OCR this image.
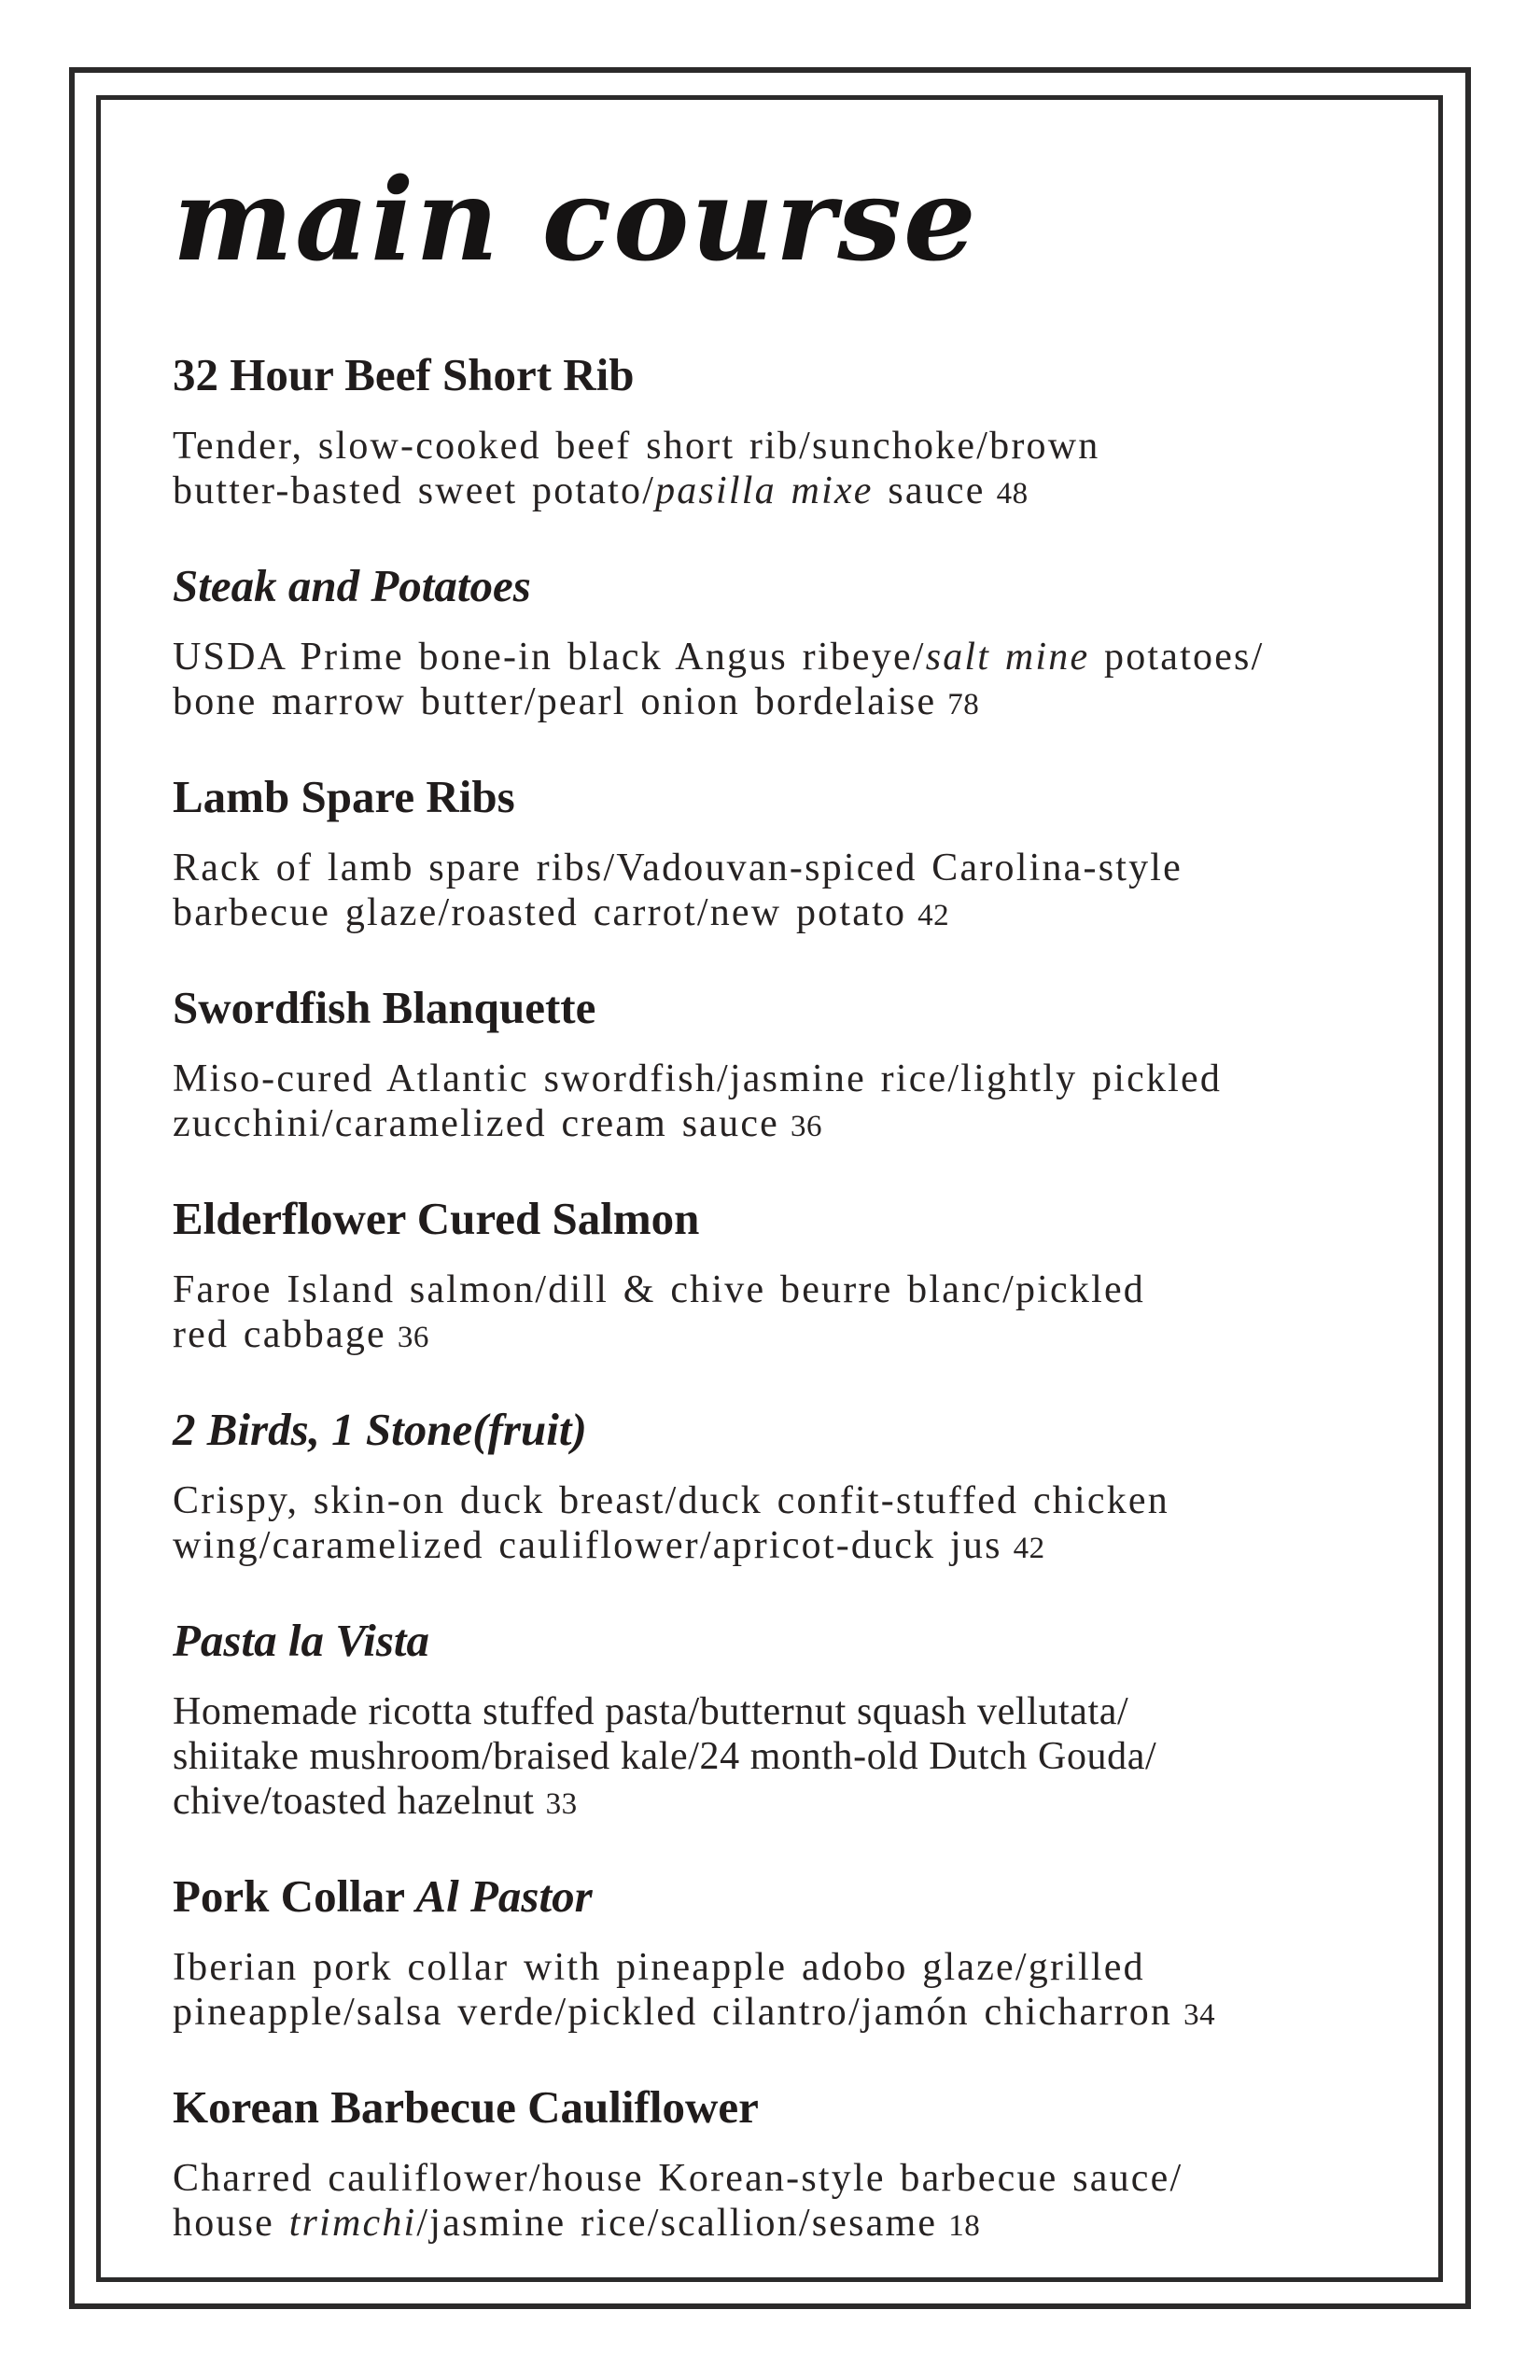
main course
32 Hour Beef Short Rib

Tender, slow-cooked beef short rib/sunchoke/brown
butter-basted sweet potato/pasilla mixe sauce 48

Steak and Potatoes

USDA Prime bone-in black Angus ribeye/salt mine potatoes/
bone marrow butter/pearl onion bordelaise 78

Lamb Spare Ribs

Rack of lamb spare ribs/Vadouvan-spiced Carolina-style
barbecue glaze/roasted carrot/new potato 42

Swordfish Blanquette

Miso-cured Atlantic swordfish/jasmine rice/lightly pickled
zucchini/caramelized cream sauce 36

Elderflower Cured Salmon

Faroe Island salmon/dill & chive beurre blanc/pickled
red cabbage 36

2 Birds, 1 Stone(fruit)

Crispy, skin-on duck breast/duck confit-stuffed chicken
wing/caramelized cauliflower/apricot-duck jus 42

Pasta la Vista

Homemade ricotta stuffed pasta/butternut squash vellutata/
shiitake mushroom/braised kale/24 month-old Dutch Gouda/
chive/toasted hazelnut 33

Pork Collar Al Pastor

Iberian pork collar with pineapple adobo glaze/grilled
pineapple/salsa verde/pickled cilantro/jamón chicharron 34

Korean Barbecue Cauliflower

Charred cauliflower/house Korean-style barbecue sauce/
house trimchi/jasmine rice/scallion/sesame 18
